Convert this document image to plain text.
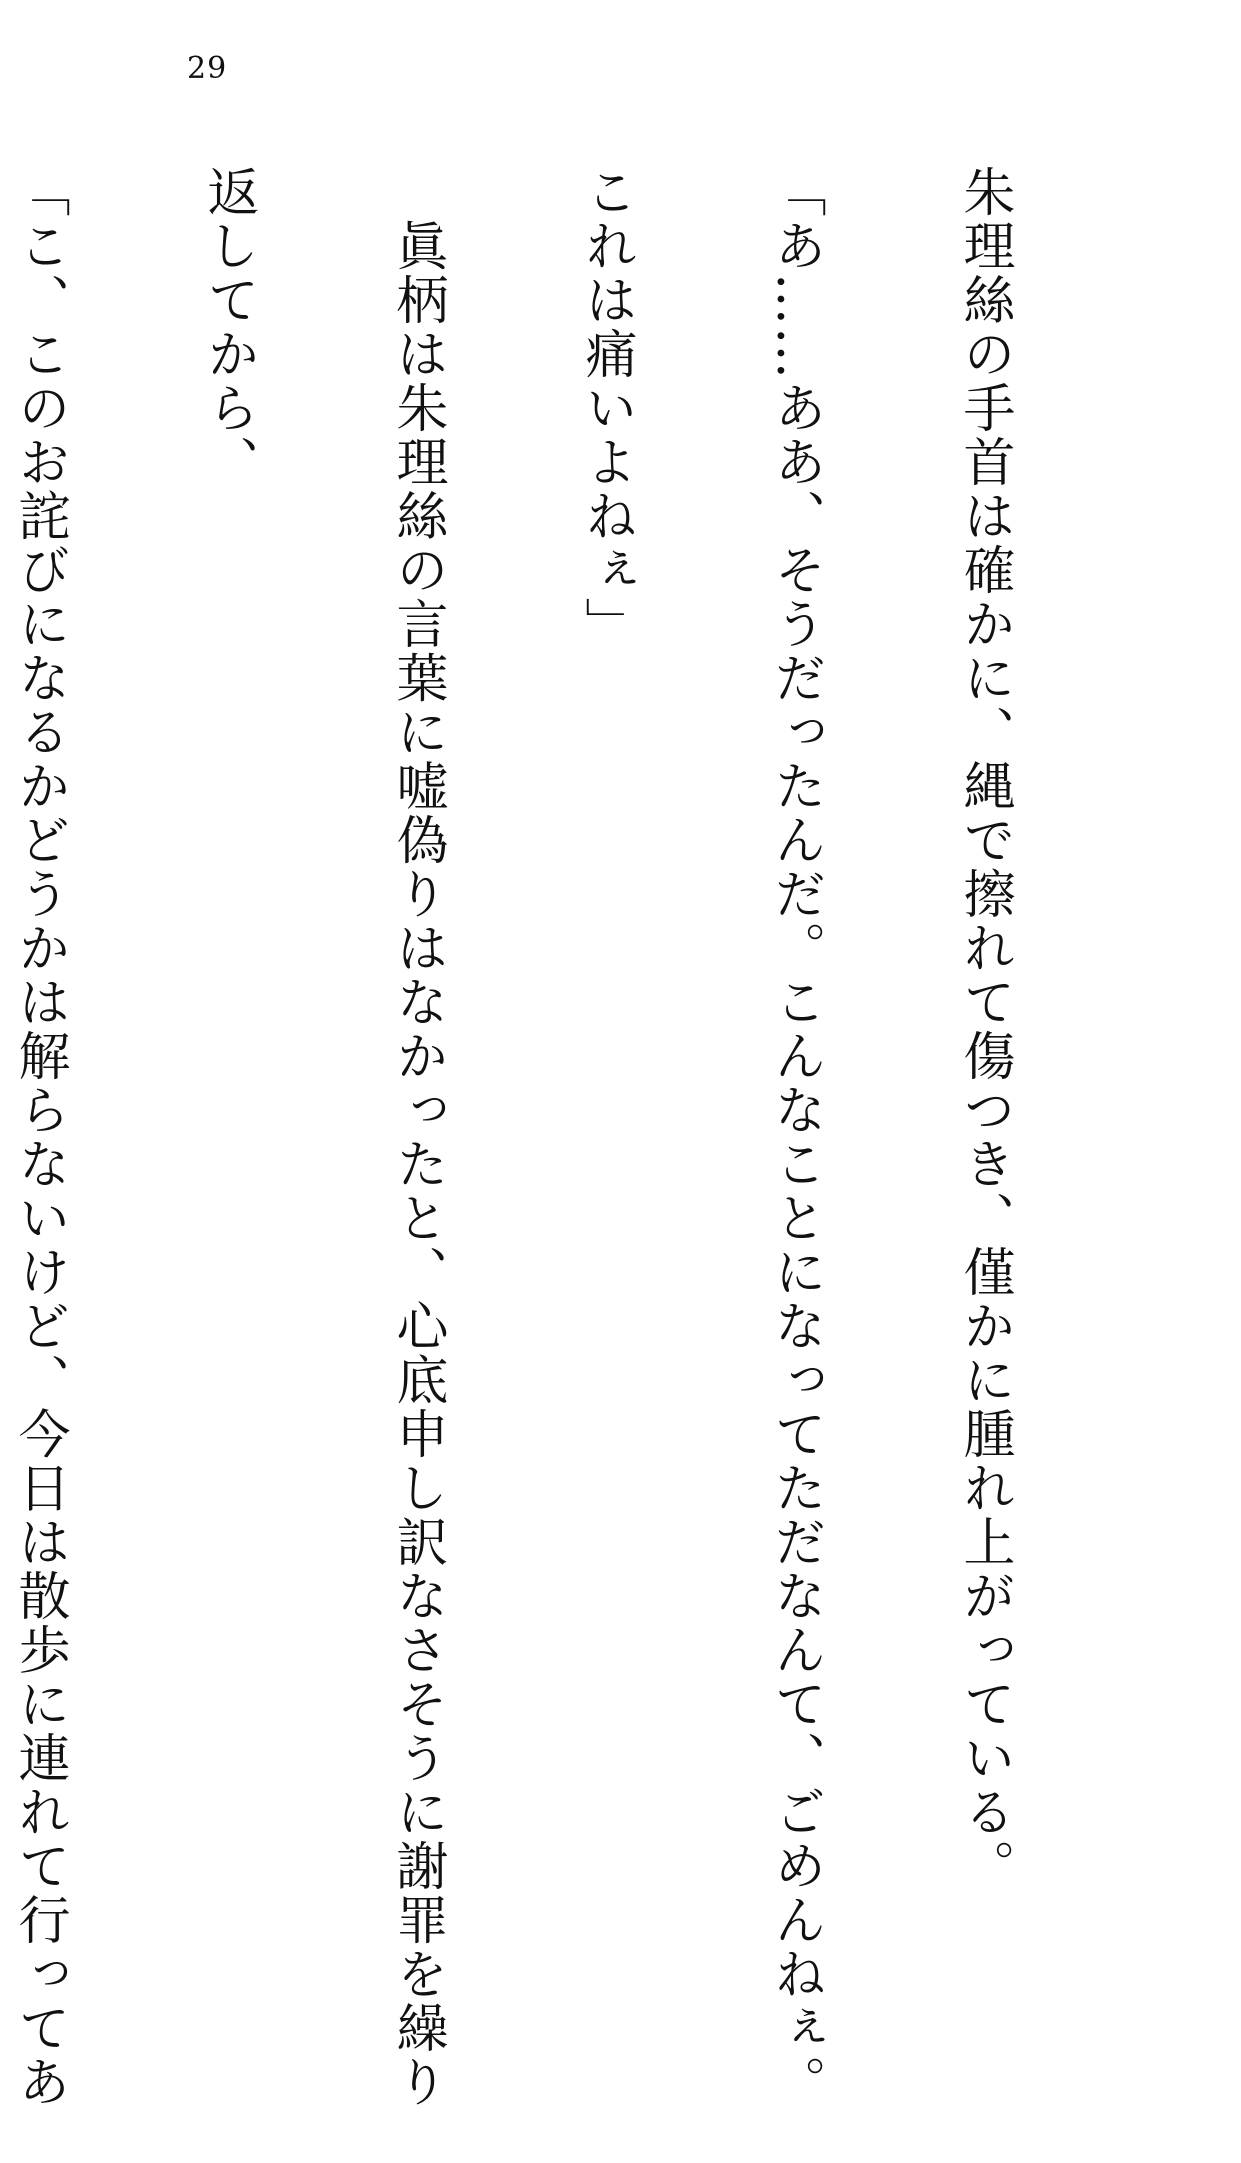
29

朱理絲の手首は確かに、縄で擦れて傷つき、僅かに腫れ上がっている。

「あ……ああ、そうだったんだ。こんなことになってただなんて、ごめんねぇ。

これは痛いよねぇ」

　眞柄は朱理絲の言葉に嘘偽りはなかったと、心底申し訳なさそうに謝罪を繰り

返してから、

「こ、このお詫びになるかどうかは解らないけど、今日は散歩に連れて行ってあ
